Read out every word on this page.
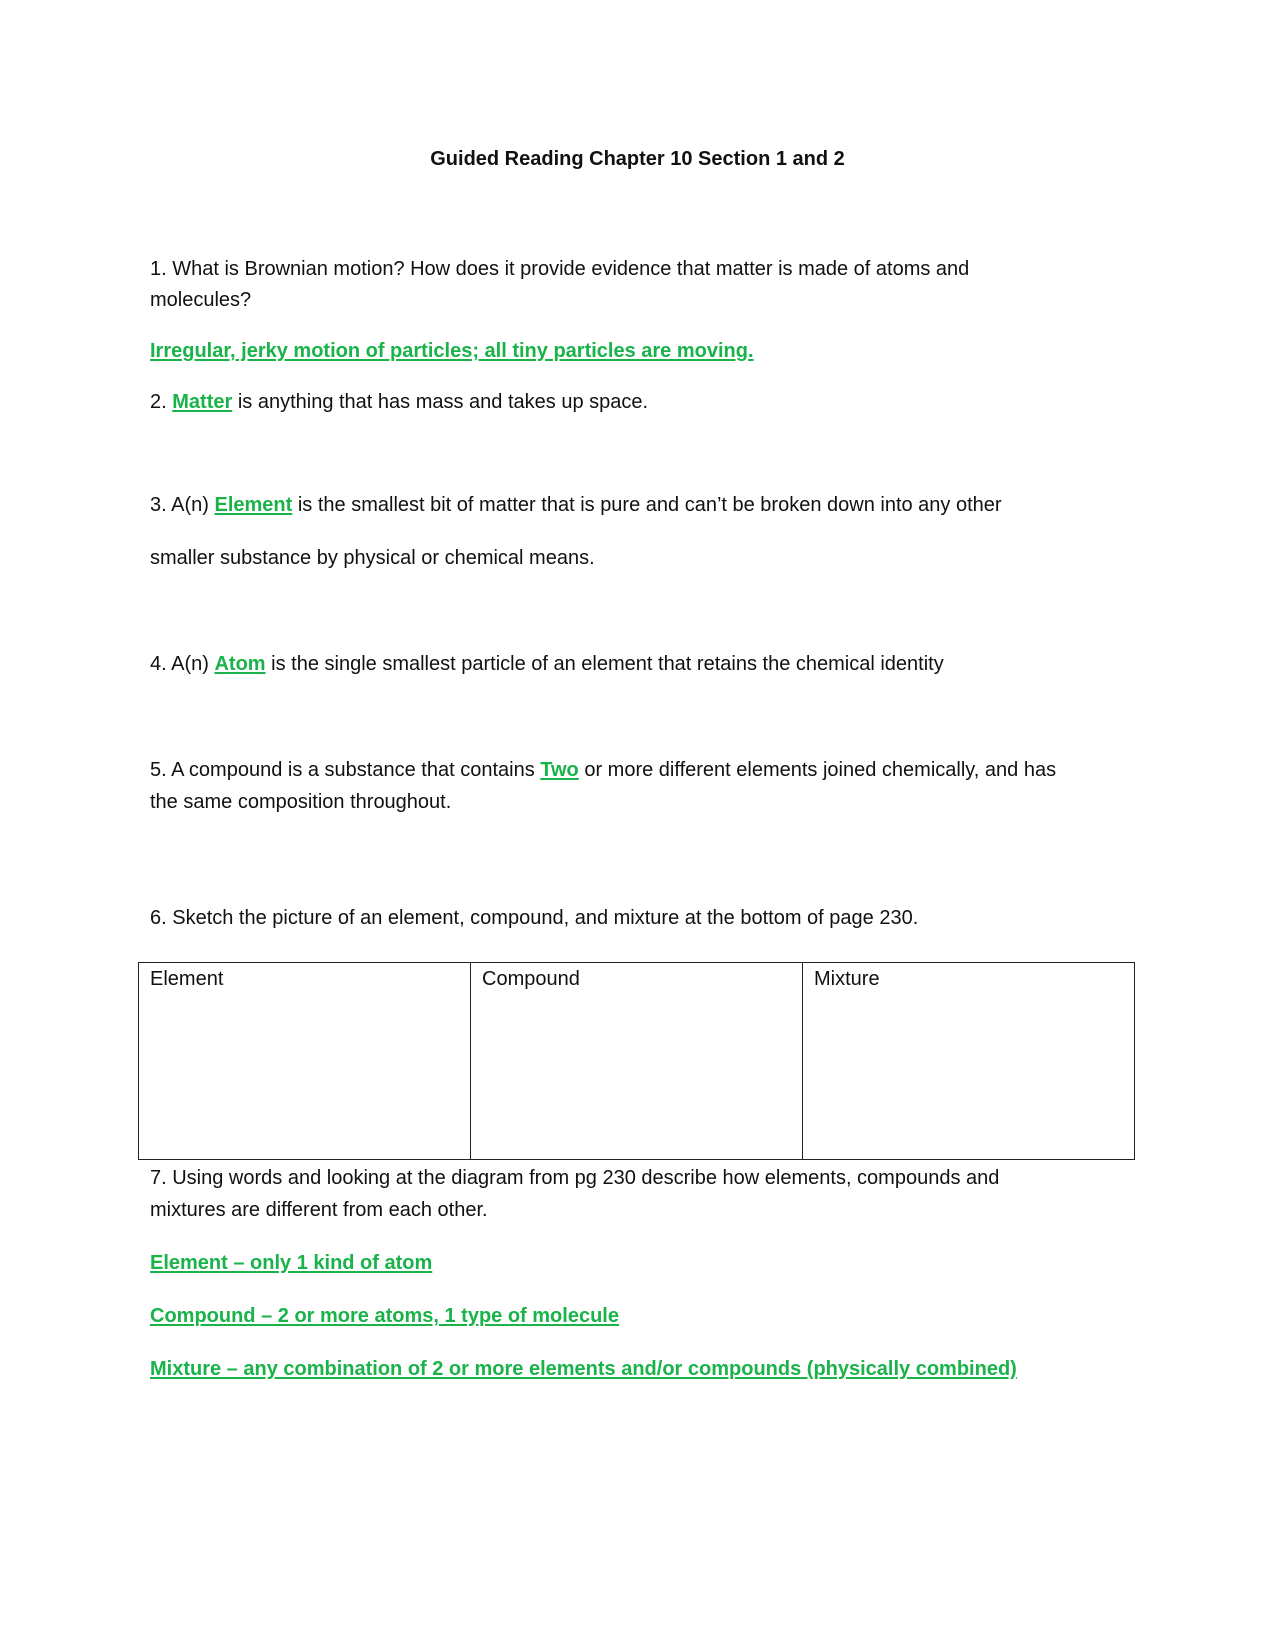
Guided Reading Chapter 10 Section 1 and 2
1. What is Brownian motion? How does it provide evidence that matter is made of atoms and
molecules?
Irregular, jerky motion of particles; all tiny particles are moving.
2. Matter is anything that has mass and takes up space.
3. A(n) Element is the smallest bit of matter that is pure and can’t be broken down into any other
smaller substance by physical or chemical means.
4. A(n) Atom is the single smallest particle of an element that retains the chemical identity
5. A compound is a substance that contains Two or more different elements joined chemically, and has
the same composition throughout.
6. Sketch the picture of an element, compound, and mixture at the bottom of page 230.
Element	Compound	Mixture
7. Using words and looking at the diagram from pg 230 describe how elements, compounds and
mixtures are different from each other.
Element – only 1 kind of atom
Compound – 2 or more atoms, 1 type of molecule
Mixture – any combination of 2 or more elements and/or compounds (physically combined)
